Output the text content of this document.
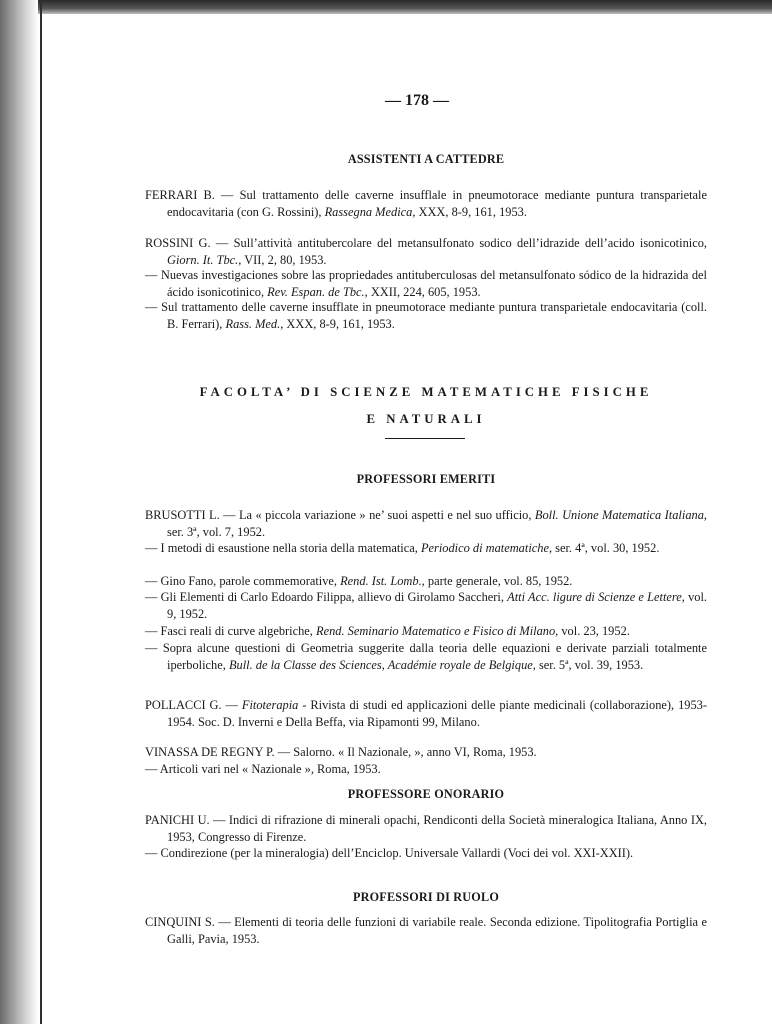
— 178 —
ASSISTENTI A CATTEDRE
FERRARI B. — Sul trattamento delle caverne insufflale in pneumotorace mediante puntura transparietale endocavitaria (con G. Rossini), Rassegna Medica, XXX, 8-9, 161, 1953.
ROSSINI G. — Sull’attività antitubercolare del metansulfonato sodico dell’idrazide dell’acido isonicotinico, Giorn. It. Tbc., VII, 2, 80, 1953.
— Nuevas investigaciones sobre las propriedades antituberculosas del metansulfonato sódico de la hidrazida del ácido isonicotinico, Rev. Espan. de Tbc., XXII, 224, 605, 1953.
— Sul trattamento delle caverne insufflate in pneumotorace mediante puntura transparietale endocavitaria (coll. B. Ferrari), Rass. Med., XXX, 8-9, 161, 1953.
FACOLTA’ DI SCIENZE MATEMATICHE FISICHE
E NATURALI
PROFESSORI EMERITI
BRUSOTTI L. — La « piccola variazione » ne’ suoi aspetti e nel suo ufficio, Boll. Unione Matematica Italiana, ser. 3ª, vol. 7, 1952.
— I metodi di esaustione nella storia della matematica, Periodico di matematiche, ser. 4ª, vol. 30, 1952.
— Gino Fano, parole commemorative, Rend. Ist. Lomb., parte generale, vol. 85, 1952.
— Gli Elementi di Carlo Edoardo Filippa, allievo di Girolamo Saccheri, Atti Acc. ligure di Scienze e Lettere, vol. 9, 1952.
— Fasci reali di curve algebriche, Rend. Seminario Matematico e Fisico di Milano, vol. 23, 1952.
— Sopra alcune questioni di Geometria suggerite dalla teoria delle equazioni e derivate parziali totalmente iperboliche, Bull. de la Classe des Sciences, Académie royale de Belgique, ser. 5ª, vol. 39, 1953.
POLLACCI G. — Fitoterapia - Rivista di studi ed applicazioni delle piante medicinali (collaborazione), 1953-1954. Soc. D. Inverni e Della Beffa, via Ripamonti 99, Milano.
VINASSA DE REGNY P. — Salorno. « Il Nazionale, », anno VI, Roma, 1953.
— Articoli vari nel « Nazionale », Roma, 1953.
PROFESSORE ONORARIO
PANICHI U. — Indici di rifrazione di minerali opachi, Rendiconti della Società mineralogica Italiana, Anno IX, 1953, Congresso di Firenze.
— Condirezione (per la mineralogia) dell’Enciclop. Universale Vallardi (Voci dei vol. XXI-XXII).
PROFESSORI DI RUOLO
CINQUINI S. — Elementi di teoria delle funzioni di variabile reale. Seconda edizione. Tipolitografia Portiglia e Galli, Pavia, 1953.
